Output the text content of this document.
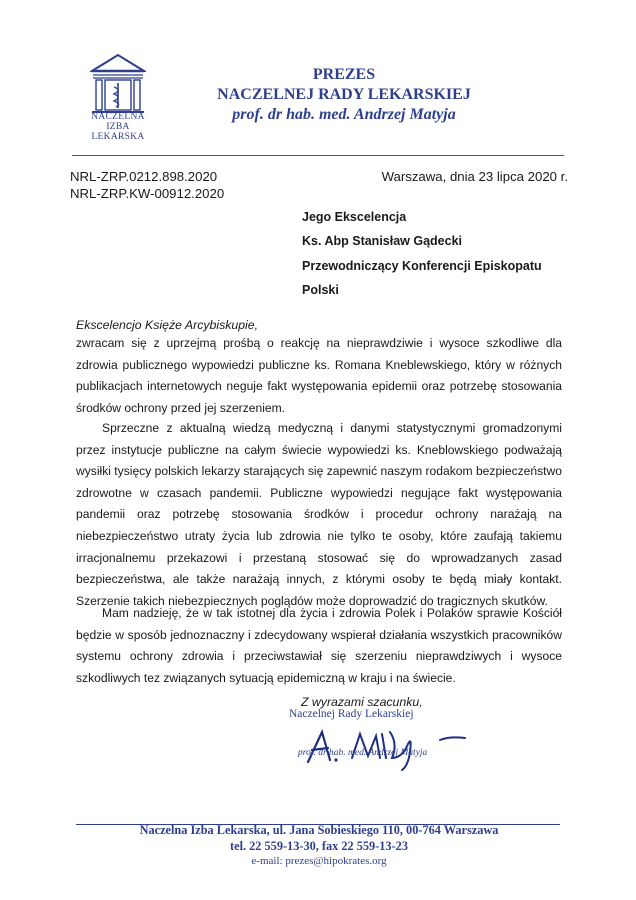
NACZELNA
IZBA LEKARSKA
PREZES
NACZELNEJ RADY LEKARSKIEJ
prof. dr hab. med. Andrzej Matyja
NRL-ZRP.0212.898.2020
NRL-ZRP.KW-00912.2020
Warszawa, dnia 23 lipca 2020 r.
Jego Ekscelencja
Ks. Abp Stanisław Gądecki
Przewodniczący Konferencji Episkopatu
Polski
Ekscelencjo Księże Arcybiskupie,

zwracam się z uprzejmą prośbą o reakcję na nieprawdziwie i wysoce szkodliwe dla zdrowia publicznego wypowiedzi publiczne ks. Romana Kneblewskiego, który w różnych publikacjach internetowych neguje fakt występowania epidemii oraz potrzebę stosowania środków ochrony przed jej szerzeniem.

Sprzeczne z aktualną wiedzą medyczną i danymi statystycznymi gromadzonymi przez instytucje publiczne na całym świecie wypowiedzi ks. Kneblowskiego podważają wysiłki tysięcy polskich lekarzy starających się zapewnić naszym rodakom bezpieczeństwo zdrowotne w czasach pandemii. Publiczne wypowiedzi negujące fakt występowania pandemii oraz potrzebę stosowania środków i procedur ochrony narażają na niebezpieczeństwo utraty życia lub zdrowia nie tylko te osoby, które zaufają takiemu irracjonalnemu przekazowi i przestaną stosować się do wprowadzanych zasad bezpieczeństwa, ale także narażają innych, z którymi osoby te będą miały kontakt. Szerzenie takich niebezpiecznych poglądów może doprowadzić do tragicznych skutków.

Mam nadzieję, że w tak istotnej dla życia i zdrowia Polek i Polaków sprawie Kościół będzie w sposób jednoznaczny i zdecydowany wspierał działania wszystkich pracowników systemu ochrony zdrowia i przeciwstawiał się szerzeniu nieprawdziwych i wysoce szkodliwych tez związanych sytuacją epidemiczną w kraju i na świecie.

Z wyrazami szacunku,
Naczelnej Rady Lekarskiej
prof. dr hab. med. Andrzej Matyja
Naczelna Izba Lekarska, ul. Jana Sobieskiego 110, 00-764 Warszawa
tel. 22 559-13-30, fax 22 559-13-23
e-mail: prezes@hipokrates.org
